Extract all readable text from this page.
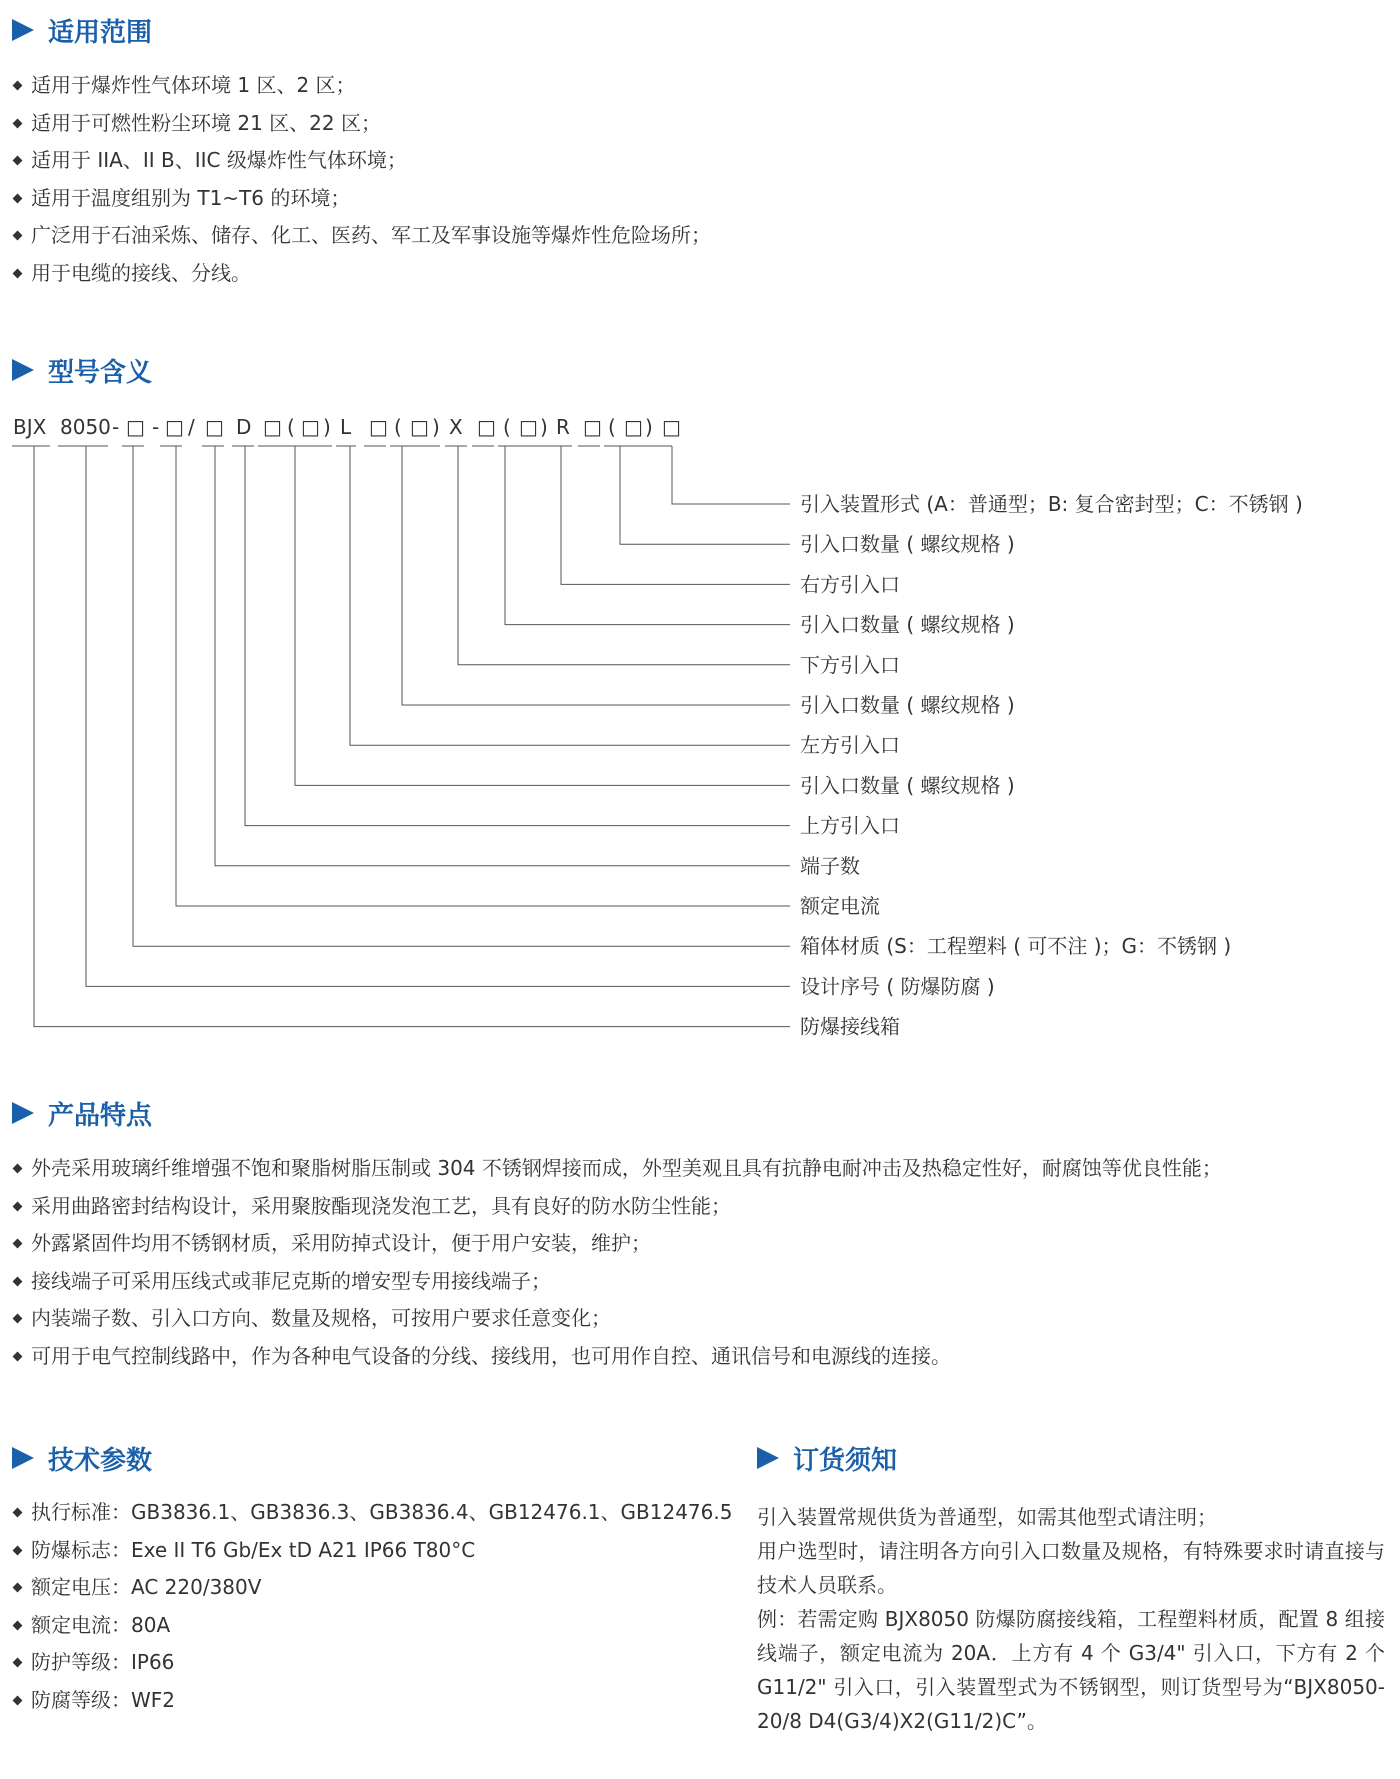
适用范围
适用于爆炸性气体环境 1 区、2 区；
适用于可燃性粉尘环境 21 区、22 区；
适用于 IIA、II B、IIC 级爆炸性气体环境；
适用于温度组别为 T1~T6 的环境；
广泛用于石油采炼、储存、化工、医药、军工及军事设施等爆炸性危险场所；
用于电缆的接线、分线。
型号含义
BJX 8050 - □ - □ / □ D □ ( □ ) L □ ( □ ) X □ ( □ ) R □ ( □ ) □
引入装置形式 (A：普通型；B: 复合密封型；C：不锈钢 )
引入口数量 ( 螺纹规格 )
右方引入口
引入口数量 ( 螺纹规格 )
下方引入口
引入口数量 ( 螺纹规格 )
左方引入口
引入口数量 ( 螺纹规格 )
上方引入口
端子数
额定电流
箱体材质 (S：工程塑料 ( 可不注 )；G：不锈钢 )
设计序号 ( 防爆防腐 )
防爆接线箱
产品特点
外壳采用玻璃纤维增强不饱和聚脂树脂压制或 304 不锈钢焊接而成，外型美观且具有抗静电耐冲击及热稳定性好，耐腐蚀等优良性能；
采用曲路密封结构设计，采用聚胺酯现浇发泡工艺，具有良好的防水防尘性能；
外露紧固件均用不锈钢材质，采用防掉式设计，便于用户安装，维护；
接线端子可采用压线式或菲尼克斯的增安型专用接线端子；
内装端子数、引入口方向、数量及规格，可按用户要求任意变化；
可用于电气控制线路中，作为各种电气设备的分线、接线用，也可用作自控、通讯信号和电源线的连接。
技术参数
执行标准：GB3836.1、GB3836.3、GB3836.4、GB12476.1、GB12476.5
防爆标志：Exe II T6 Gb/Ex tD A21 IP66 T80°C
额定电压：AC 220/380V
额定电流：80A
防护等级：IP66
防腐等级：WF2
订货须知

引入装置常规供货为普通型，如需其他型式请注明；

用户选型时，请注明各方向引入口数量及规格，有特殊要求时请直接与技术人员联系。

例：若需定购 BJX8050 防爆防腐接线箱，工程塑料材质，配置 8 组接线端子，额定电流为 20A．上方有 4 个 G3/4" 引入口，下方有 2 个 G11/2" 引入口，引入装置型式为不锈钢型，则订货型号为“BJX8050-20/8 D4(G3/4)X2(G11/2)C”。
